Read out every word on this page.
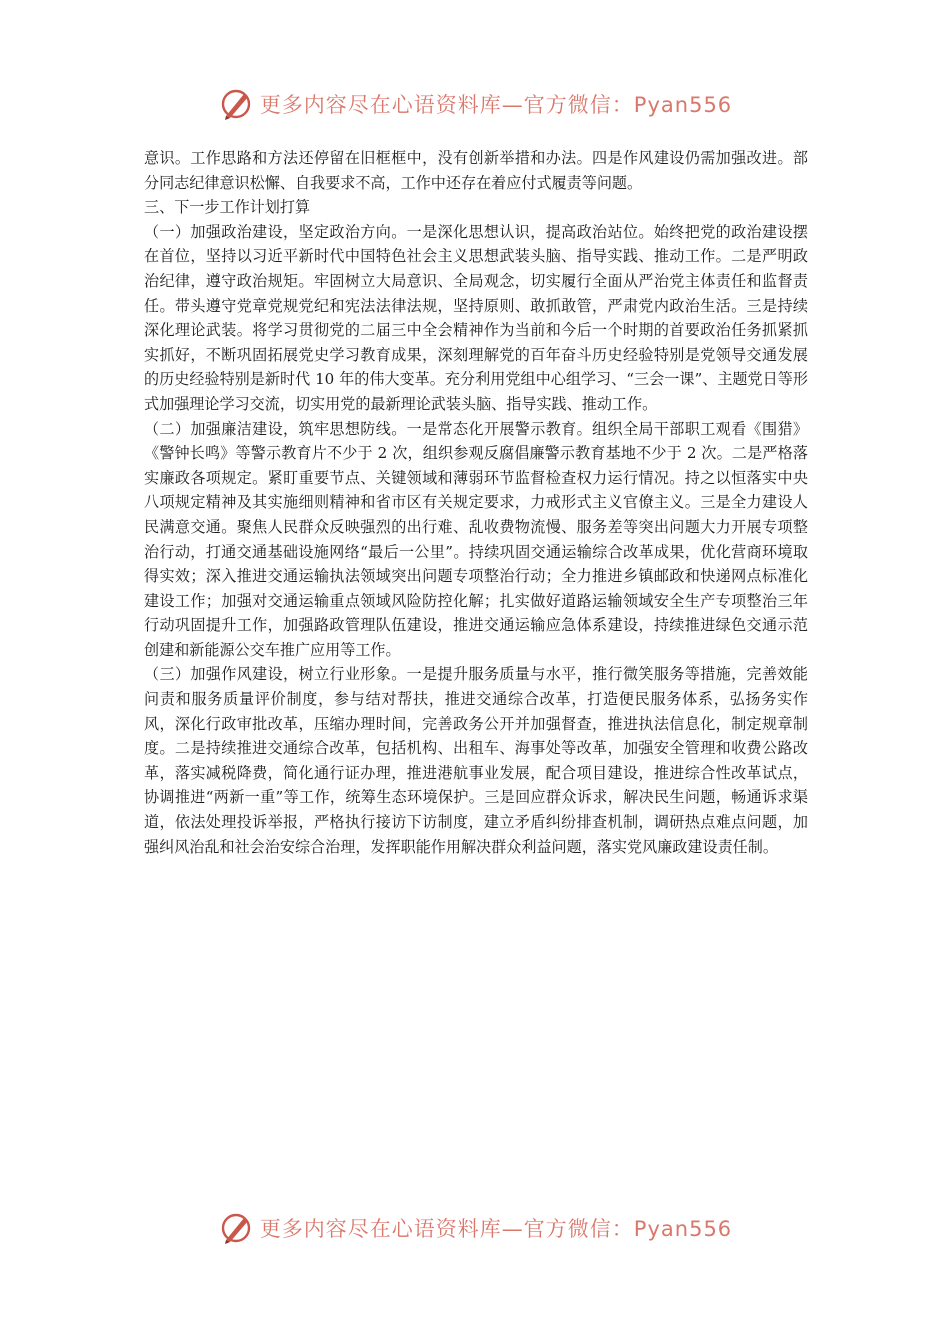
更多内容尽在心语资料库—官方微信：Pyan556

意识。工作思路和方法还停留在旧框框中，没有创新举措和办法。四是作风建设仍需加强改进。部分同志纪律意识松懈、自我要求不高，工作中还存在着应付式履责等问题。

三、下一步工作计划打算

（一）加强政治建设，坚定政治方向。一是深化思想认识，提高政治站位。始终把党的政治建设摆在首位，坚持以习近平新时代中国特色社会主义思想武装头脑、指导实践、推动工作。二是严明政治纪律，遵守政治规矩。牢固树立大局意识、全局观念，切实履行全面从严治党主体责任和监督责任。带头遵守党章党规党纪和宪法法律法规，坚持原则、敢抓敢管，严肃党内政治生活。三是持续深化理论武装。将学习贯彻党的二届三中全会精神作为当前和今后一个时期的首要政治任务抓紧抓实抓好，不断巩固拓展党史学习教育成果，深刻理解党的百年奋斗历史经验特别是党领导交通发展的历史经验特别是新时代 10 年的伟大变革。充分利用党组中心组学习、“三会一课”、主题党日等形式加强理论学习交流，切实用党的最新理论武装头脑、指导实践、推动工作。

（二）加强廉洁建设，筑牢思想防线。一是常态化开展警示教育。组织全局干部职工观看《围猎》《警钟长鸣》等警示教育片不少于 2 次，组织参观反腐倡廉警示教育基地不少于 2 次。二是严格落实廉政各项规定。紧盯重要节点、关键领域和薄弱环节监督检查权力运行情况。持之以恒落实中央八项规定精神及其实施细则精神和省市区有关规定要求，力戒形式主义官僚主义。三是全力建设人民满意交通。聚焦人民群众反映强烈的出行难、乱收费物流慢、服务差等突出问题大力开展专项整治行动，打通交通基础设施网络“最后一公里”。持续巩固交通运输综合改革成果，优化营商环境取得实效；深入推进交通运输执法领域突出问题专项整治行动；全力推进乡镇邮政和快递网点标准化建设工作；加强对交通运输重点领域风险防控化解；扎实做好道路运输领域安全生产专项整治三年行动巩固提升工作，加强路政管理队伍建设，推进交通运输应急体系建设，持续推进绿色交通示范创建和新能源公交车推广应用等工作。

（三）加强作风建设，树立行业形象。一是提升服务质量与水平，推行微笑服务等措施，完善效能问责和服务质量评价制度，参与结对帮扶，推进交通综合改革，打造便民服务体系，弘扬务实作风，深化行政审批改革，压缩办理时间，完善政务公开并加强督查，推进执法信息化，制定规章制度。二是持续推进交通综合改革，包括机构、出租车、海事处等改革，加强安全管理和收费公路改革，落实减税降费，简化通行证办理，推进港航事业发展，配合项目建设，推进综合性改革试点，协调推进“两新一重”等工作，统筹生态环境保护。三是回应群众诉求，解决民生问题，畅通诉求渠道，依法处理投诉举报，严格执行接访下访制度，建立矛盾纠纷排查机制，调研热点难点问题，加强纠风治乱和社会治安综合治理，发挥职能作用解决群众利益问题，落实党风廉政建设责任制。

更多内容尽在心语资料库—官方微信：Pyan556
